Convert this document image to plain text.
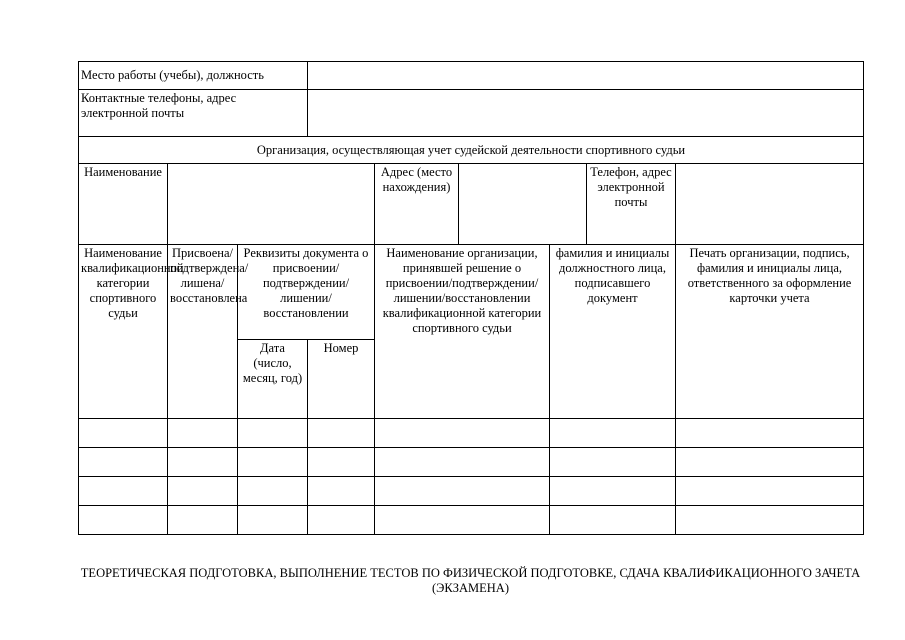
Место работы (учебы), должность								
Контактные телефоны, адрес электронной почты								
Организация, осуществляющая учет судейской деятельности спортивного судьи								
Наименование				Адрес (место нахождения)			Телефон, адрес электронной почты	
Наименование квалификационной категории спортивного судьи	Присвоена/подтверждена/лишена/восстановлена	Реквизиты документа о присвоении/подтверждении/лишении/восстановлении		Наименование организации, принявшей решение о присвоении/подтверждении/лишении/восстановлении квалификационной категории спортивного судьи		фамилия и инициалы должностного лица, подписавшего документ		Печать организации, подпись, фамилия и инициалы лица, ответственного за оформление карточки учета
		Дата (число, месяц, год)	Номер					

ТЕОРЕТИЧЕСКАЯ ПОДГОТОВКА, ВЫПОЛНЕНИЕ ТЕСТОВ ПО ФИЗИЧЕСКОЙ ПОДГОТОВКЕ, СДАЧА КВАЛИФИКАЦИОННОГО ЗАЧЕТА (ЭКЗАМЕНА)
